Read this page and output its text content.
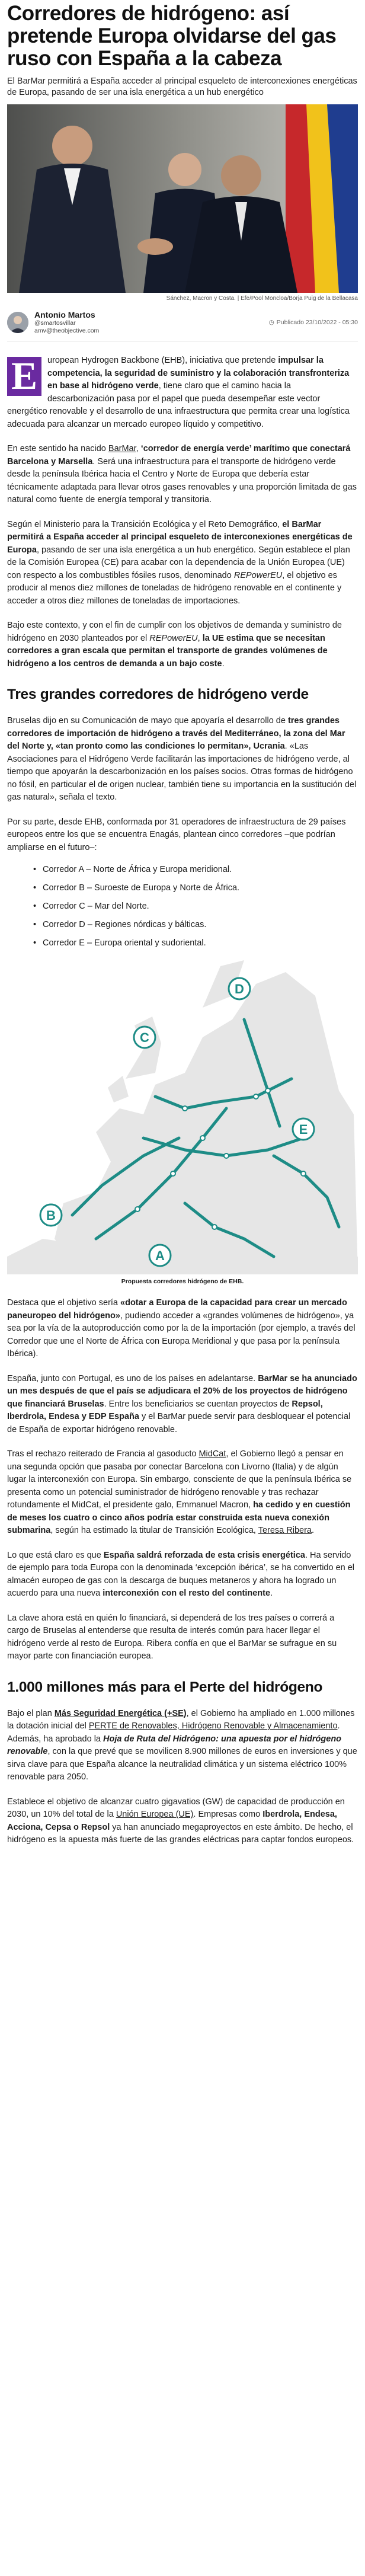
Corredores de hidrógeno: así pretende Europa olvidarse del gas ruso con España a la cabeza

El BarMar permitirá a España acceder al principal esqueleto de interconexiones energéticas de Europa, pasando de ser una isla energética a un hub energético

Sánchez, Macron y Costa. | Efe/Pool Moncloa/Borja Puig de la Bellacasa
Antonio Martos
@smartosvillar
amv@theobjective.com
◷ Publicado 23/10/2022 - 05:30
E	uropean Hydrogen Backbone (EHB), iniciativa que pretende impulsar la competencia, la seguridad de suministro y la colaboración transfronteriza en base al hidrógeno verde, tiene claro que el camino hacia la descarbonización pasa por el papel que pueda desempeñar este vector energético renovable y el desarrollo de una infraestructura que permita crear una logística adecuada para alcanzar un mercado europeo líquido y competitivo.

En este sentido ha nacido BarMar, ‘corredor de energía verde’ marítimo que conectará Barcelona y Marsella. Será una infraestructura para el transporte de hidrógeno verde desde la península Ibérica hacia el Centro y Norte de Europa que debería estar técnicamente adaptada para llevar otros gases renovables y una proporción limitada de gas natural como fuente de energía temporal y transitoria.

Según el Ministerio para la Transición Ecológica y el Reto Demográfico, el BarMar permitirá a España acceder al principal esqueleto de interconexiones energéticas de Europa, pasando de ser una isla energética a un hub energético. Según establece el plan de la Comisión Europea (CE) para acabar con la dependencia de la Unión Europea (UE) con respecto a los combustibles fósiles rusos, denominado REPowerEU, el objetivo es producir al menos diez millones de toneladas de hidrógeno renovable en el continente y acceder a otros diez millones de toneladas de importaciones.

Bajo este contexto, y con el fin de cumplir con los objetivos de demanda y suministro de hidrógeno en 2030 planteados por el REPowerEU, la UE estima que se necesitan corredores a gran escala que permitan el transporte de grandes volúmenes de hidrógeno a los centros de demanda a un bajo coste.

Tres grandes corredores de hidrógeno verde

Bruselas dijo en su Comunicación de mayo que apoyaría el desarrollo de tres grandes corredores de importación de hidrógeno a través del Mediterráneo, la zona del Mar del Norte y, «tan pronto como las condiciones lo permitan», Ucrania. «Las Asociaciones para el Hidrógeno Verde facilitarán las importaciones de hidrógeno verde, al tiempo que apoyarán la descarbonización en los países socios. Otras formas de hidrógeno no fósil, en particular el de origen nuclear, también tiene su importancia en la sustitución del gas natural», señala el texto.

Por su parte, desde EHB, conformada por 31 operadores de infraestructura de 29 países europeos entre los que se encuentra Enagás, plantean cinco corredores –que podrían ampliarse en el futuro–:

• Corredor A – Norte de África y Europa meridional.
• Corredor B – Suroeste de Europa y Norte de África.
• Corredor C – Mar del Norte.
• Corredor D – Regiones nórdicas y bálticas.
• Corredor E – Europa oriental y sudoriental.
D
C
E
B
A
Propuesta corredores hidrógeno de EHB.

Destaca que el objetivo sería «dotar a Europa de la capacidad para crear un mercado paneuropeo del hidrógeno», pudiendo acceder a «grandes volúmenes de hidrógeno», ya sea por la vía de la autoproducción como por la de la importación (por ejemplo, a través del Corredor que une el Norte de África con Europa Meridional y que pasa por la península Ibérica).

España, junto con Portugal, es uno de los países en adelantarse. BarMar se ha anunciado un mes después de que el país se adjudicara el 20% de los proyectos de hidrógeno que financiará Bruselas. Entre los beneficiarios se cuentan proyectos de Repsol, Iberdrola, Endesa y EDP España y el BarMar puede servir para desbloquear el potencial de España de exportar hidrógeno renovable.

Tras el rechazo reiterado de Francia al gasoducto MidCat, el Gobierno llegó a pensar en una segunda opción que pasaba por conectar Barcelona con Livorno (Italia) y de algún lugar la interconexión con Europa. Sin embargo, consciente de que la península Ibérica se presenta como un potencial suministrador de hidrógeno renovable y tras rechazar rotundamente el MidCat, el presidente galo, Emmanuel Macron, ha cedido y en cuestión de meses los cuatro o cinco años podría estar construida esta nueva conexión submarina, según ha estimado la titular de Transición Ecológica, Teresa Ribera.

Lo que está claro es que España saldrá reforzada de esta crisis energética. Ha servido de ejemplo para toda Europa con la denominada ‘excepción ibérica’, se ha convertido en el almacén europeo de gas con la descarga de buques metaneros y ahora ha logrado un acuerdo para una nueva interconexión con el resto del continente.

La clave ahora está en quién lo financiará, si dependerá de los tres países o correrá a cargo de Bruselas al entenderse que resulta de interés común para hacer llegar el hidrógeno verde al resto de Europa. Ribera confía en que el BarMar se sufrague en su mayor parte con financiación europea.

1.000 millones más para el Perte del hidrógeno

Bajo el plan Más Seguridad Energética (+SE), el Gobierno ha ampliado en 1.000 millones la dotación inicial del PERTE de Renovables, Hidrógeno Renovable y Almacenamiento. Además, ha aprobado la Hoja de Ruta del Hidrógeno: una apuesta por el hidrógeno renovable, con la que prevé que se movilicen 8.900 millones de euros en inversiones y que sirva clave para que España alcance la neutralidad climática y un sistema eléctrico 100% renovable para 2050.

Establece el objetivo de alcanzar cuatro gigavatios (GW) de capacidad de producción en 2030, un 10% del total de la Unión Europea (UE). Empresas como Iberdrola, Endesa, Acciona, Cepsa o Repsol ya han anunciado megaproyectos en este ámbito. De hecho, el hidrógeno es la apuesta más fuerte de las grandes eléctricas para captar fondos europeos.
